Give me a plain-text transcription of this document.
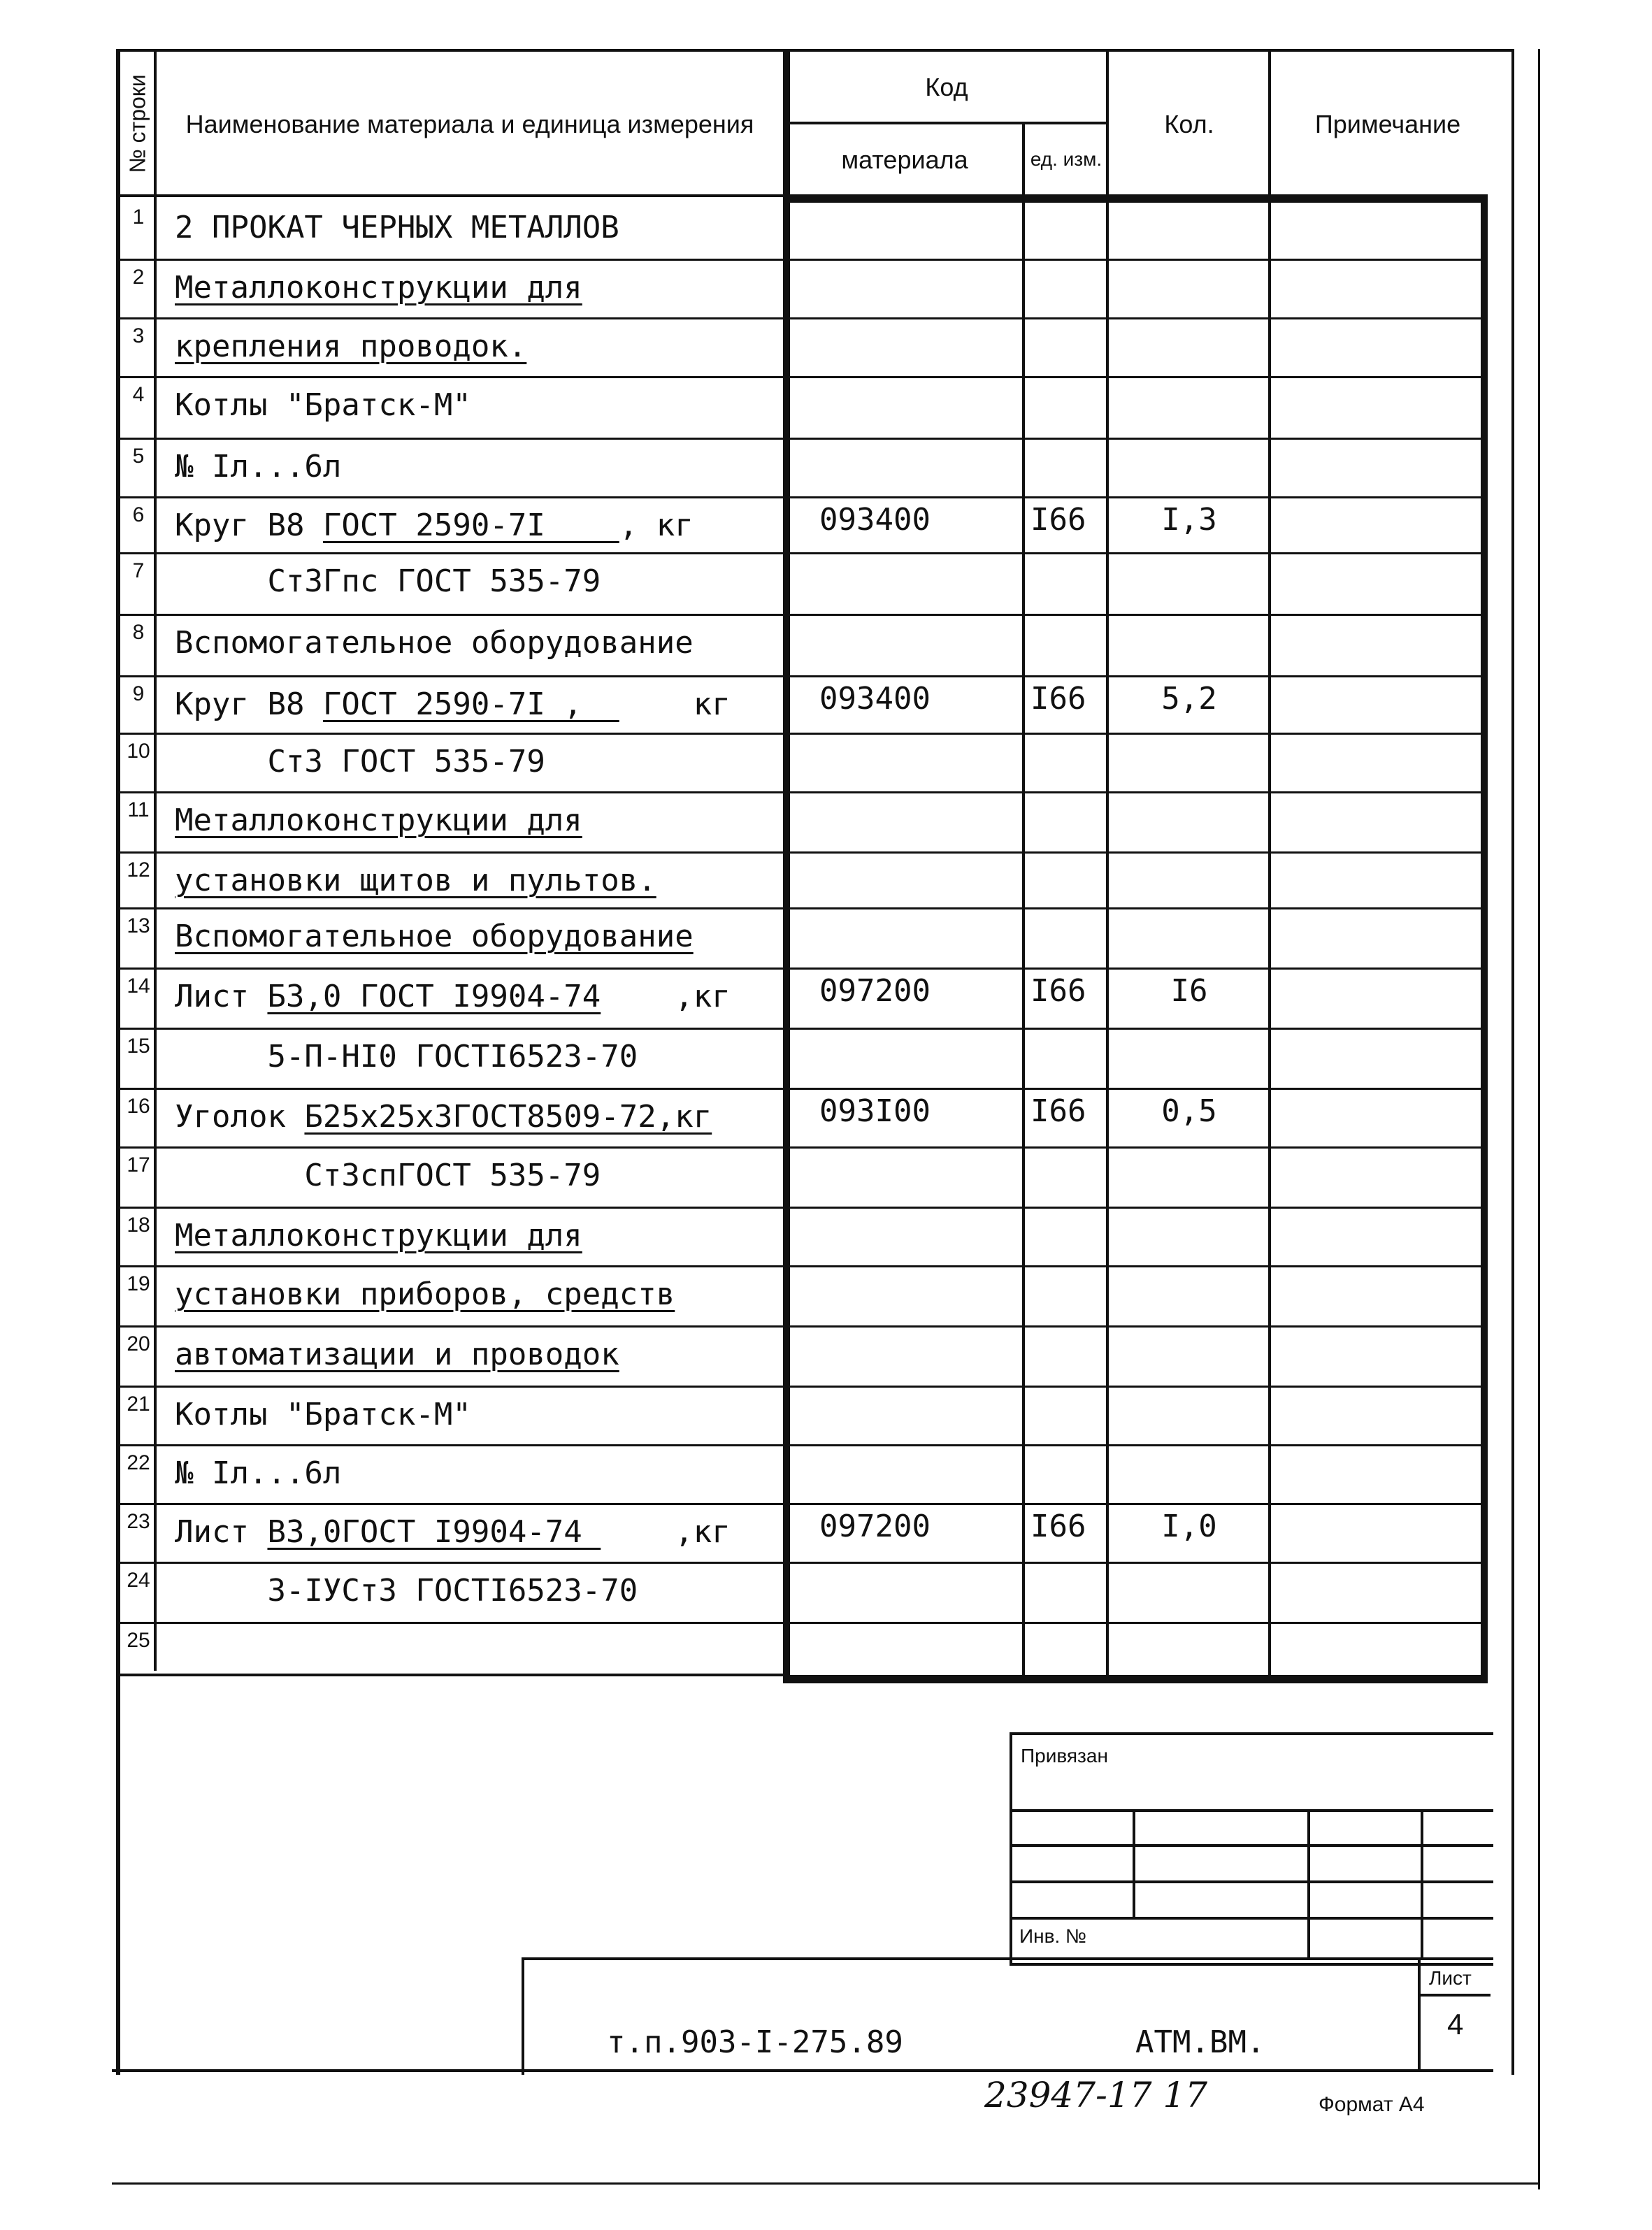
№ строки	Наименование материала и единица измерения
Код
материала	ед. изм.
Кол.	Примечание
1 2 ПРОКАТ ЧЕРНЫХ МЕТАЛЛОВ
2 Металлоконструкции для
3 крепления проводок.
4 Котлы "Братск-М"
5 № Iл...6л
6 Круг В8 ГОСТ 2590-7I    , кг	093400	I66	I,3
7 Ст3Гпс ГОСТ 535-79
8 Вспомогательное оборудование
9 Круг В8 ГОСТ 2590-7I ,      кг	093400	I66	5,2
10 Ст3 ГОСТ 535-79
11 Металлоконструкции для
12 установки щитов и пультов.
13 Вспомогательное оборудование
14 Лист Б3,0 ГОСТ I9904-74    ,кг	097200	I66	I6
15 5-П-НI0 ГОСТI6523-70
16 Уголок Б25х25х3ГОСТ8509-72,кг	093I00	I66	0,5
17 Ст3спГОСТ 535-79
18 Металлоконструкции для
19 установки приборов, средств
20 автоматизации и проводок
21 Котлы "Братск-М"
22 № Iл...6л
23 Лист В3,0ГОСТ I9904-74     ,кг	097200	I66	I,0
24 3-IУСт3 ГОСТI6523-70
25
Привязан
Инв. №
Лист
4
т.п.903-I-275.89	АТМ.ВМ.
23947-17 17	Формат А4
